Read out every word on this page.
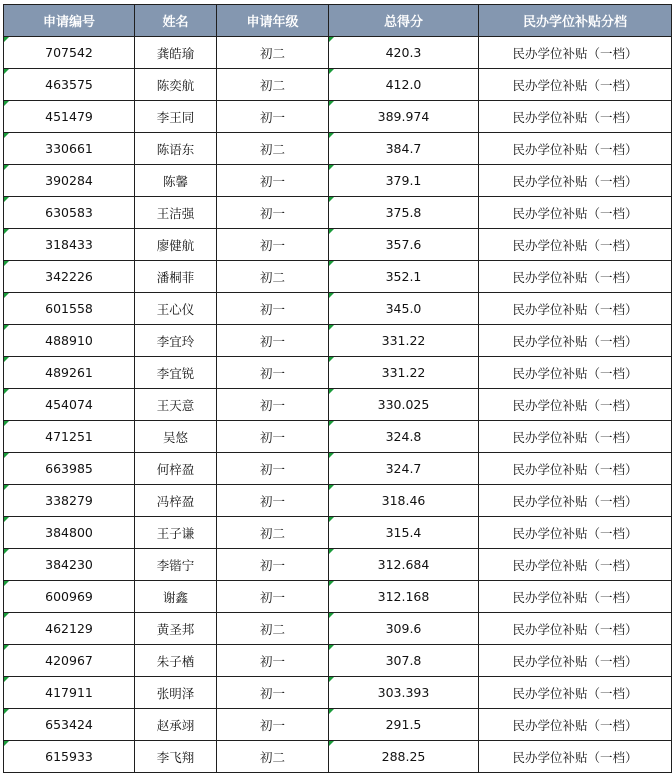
申请编号	姓名	申请年级	总得分	民办学位补贴分档
707542	龚皓瑜	初二	420.3	民办学位补贴（一档）
463575	陈奕航	初二	412.0	民办学位补贴（一档）
451479	李王同	初一	389.974	民办学位补贴（一档）
330661	陈语东	初二	384.7	民办学位补贴（一档）
390284	陈馨	初一	379.1	民办学位补贴（一档）
630583	王洁强	初一	375.8	民办学位补贴（一档）
318433	廖健航	初一	357.6	民办学位补贴（一档）
342226	潘桐菲	初二	352.1	民办学位补贴（一档）
601558	王心仪	初一	345.0	民办学位补贴（一档）
488910	李宜玲	初一	331.22	民办学位补贴（一档）
489261	李宜锐	初一	331.22	民办学位补贴（一档）
454074	王天意	初一	330.025	民办学位补贴（一档）
471251	吴悠	初一	324.8	民办学位补贴（一档）
663985	何梓盈	初一	324.7	民办学位补贴（一档）
338279	冯梓盈	初一	318.46	民办学位补贴（一档）
384800	王子谦	初二	315.4	民办学位补贴（一档）
384230	李锴宁	初一	312.684	民办学位补贴（一档）
600969	谢鑫	初一	312.168	民办学位补贴（一档）
462129	黄圣邦	初二	309.6	民办学位补贴（一档）
420967	朱子楢	初一	307.8	民办学位补贴（一档）
417911	张明泽	初一	303.393	民办学位补贴（一档）
653424	赵承翊	初一	291.5	民办学位补贴（一档）
615933	李飞翔	初二	288.25	民办学位补贴（一档）
